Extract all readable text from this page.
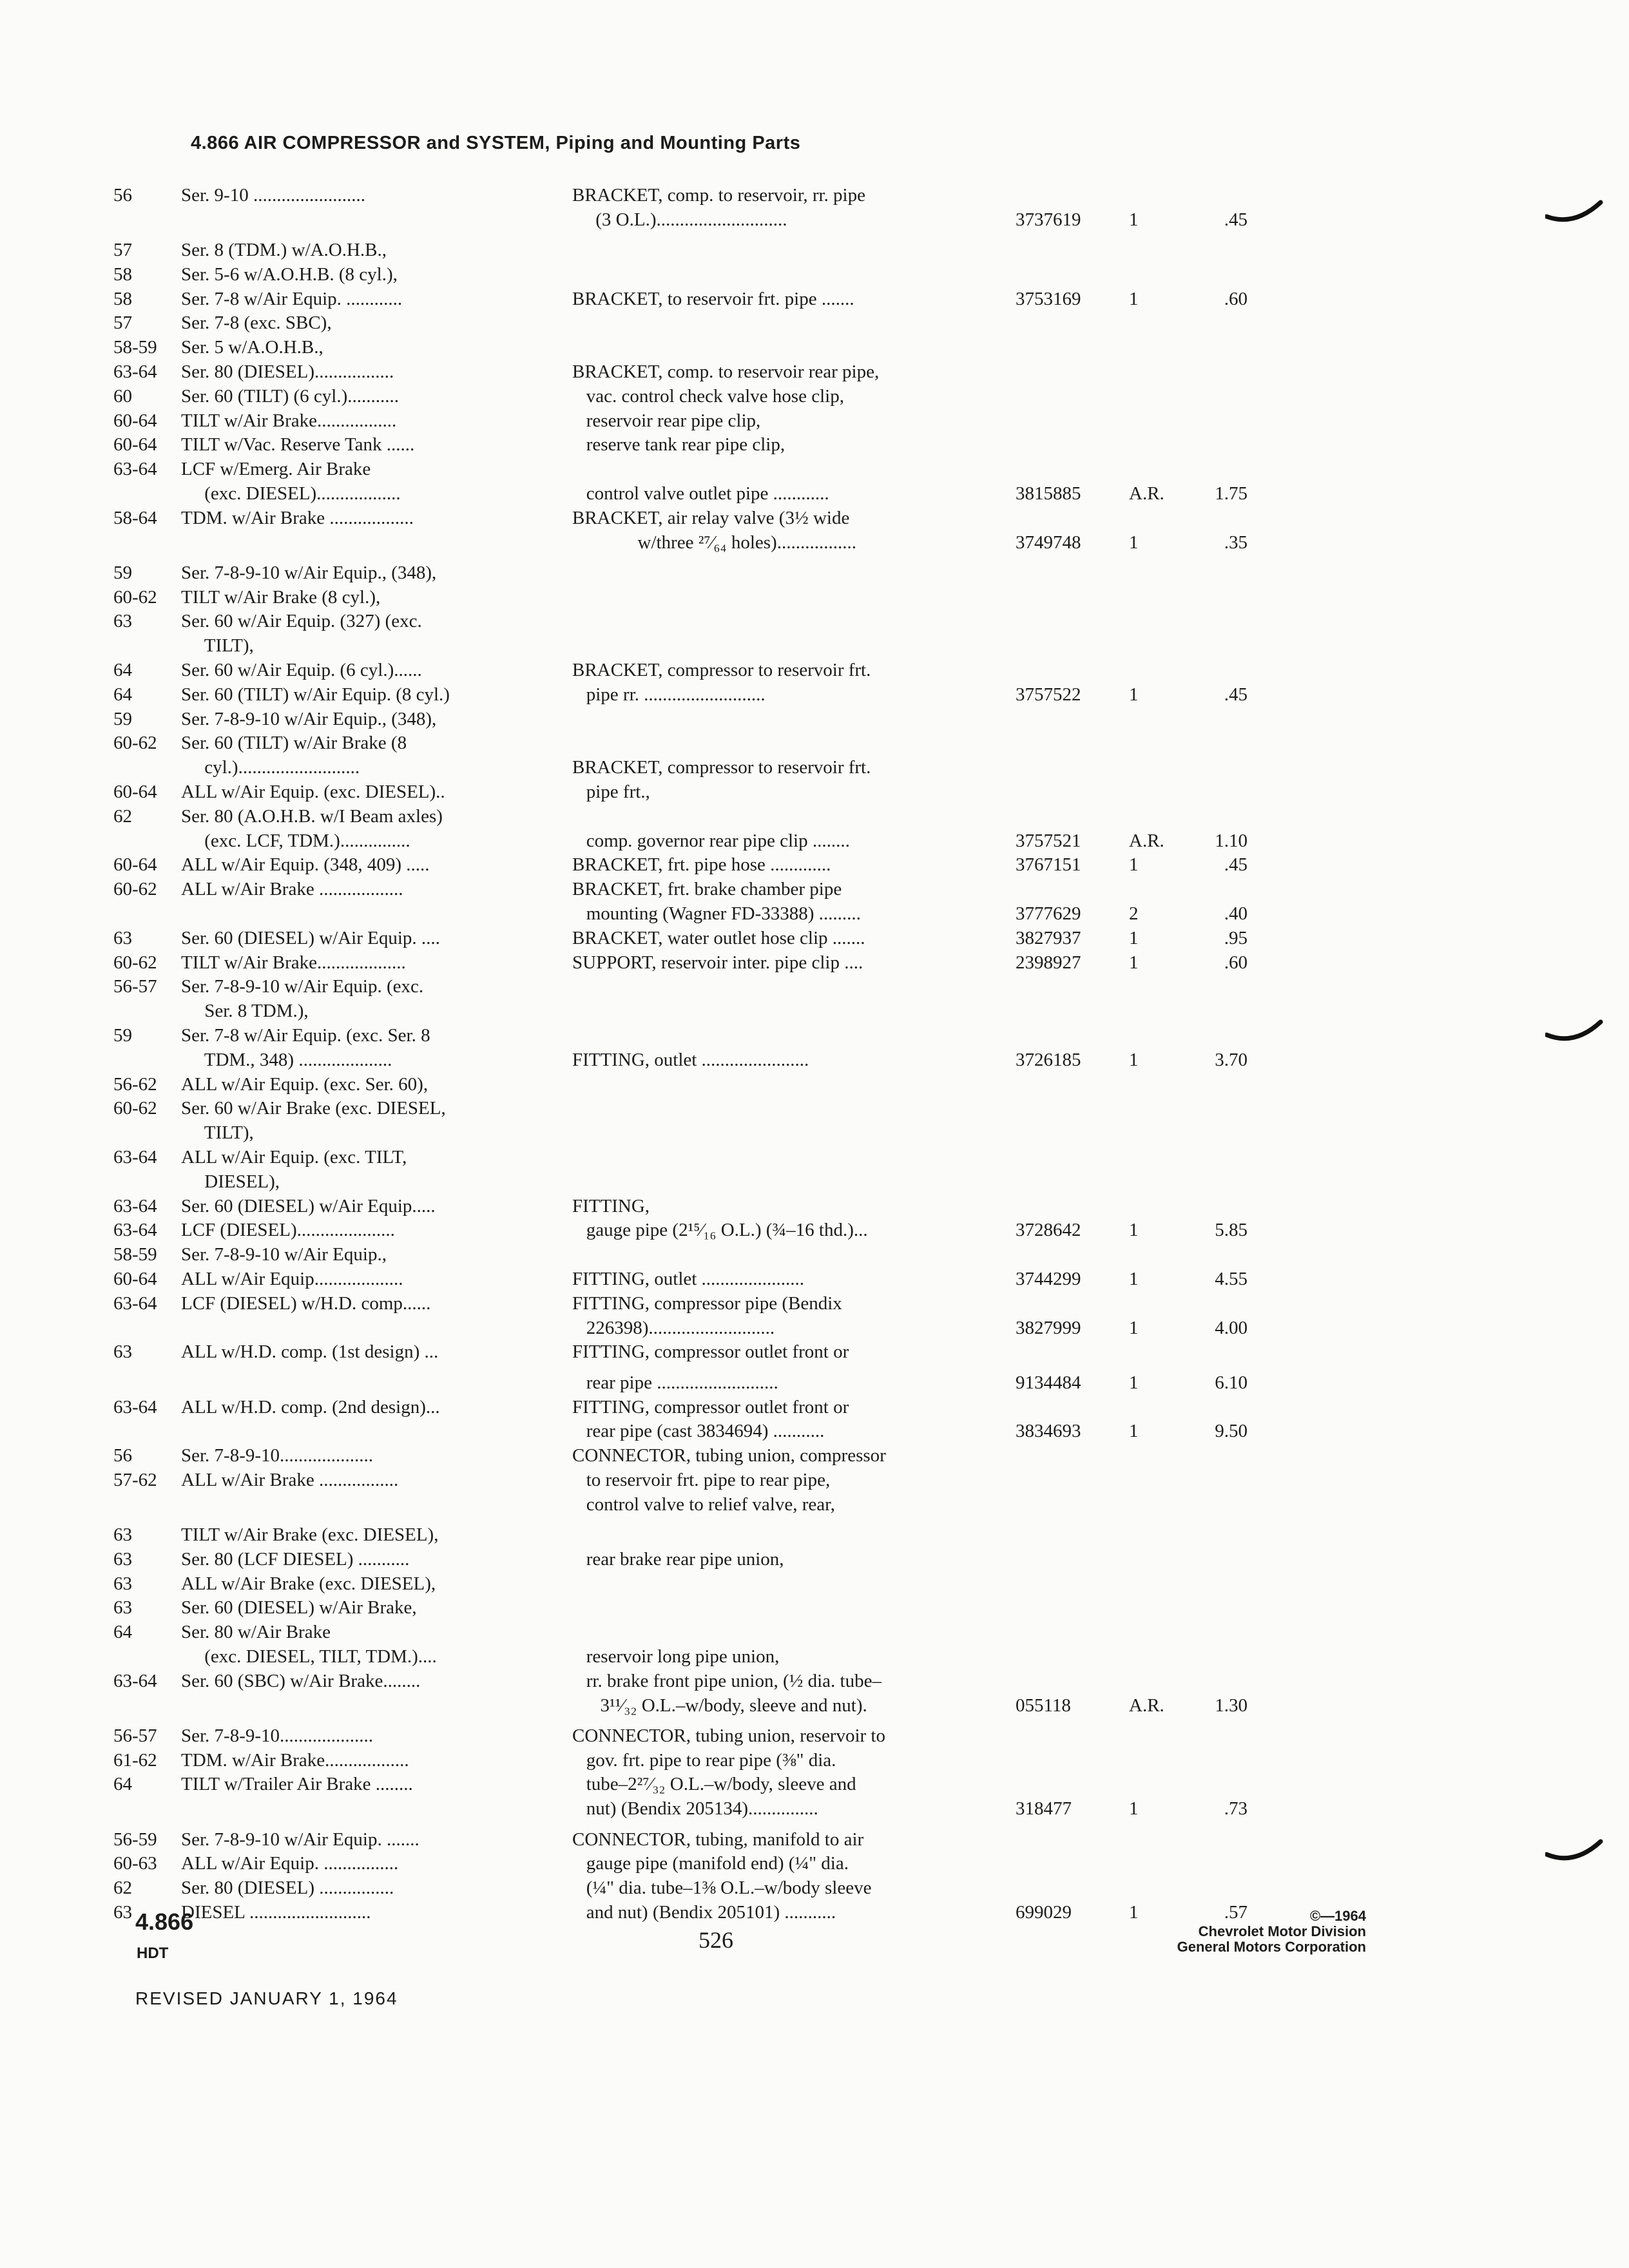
4.866 AIR COMPRESSOR and SYSTEM, Piping and Mounting Parts
56	Ser. 9-10 ........................	BRACKET, comp. to reservoir, rr. pipe
(3 O.L.)............................	3737619	1	.45
57	Ser. 8 (TDM.) w/A.O.H.B.,
58	Ser. 5-6 w/A.O.H.B. (8 cyl.),
58	Ser. 7-8 w/Air Equip. ............	BRACKET, to reservoir frt. pipe .......	3753169	1	.60
57	Ser. 7-8 (exc. SBC),
58-59 Ser. 5 w/A.O.H.B.,
63-64 Ser. 80 (DIESEL).................	BRACKET, comp. to reservoir rear pipe,
60	Ser. 60 (TILT) (6 cyl.)...........	vac. control check valve hose clip,
60-64 TILT w/Air Brake.................	reservoir rear pipe clip,
60-64 TILT w/Vac. Reserve Tank ......	reserve tank rear pipe clip,
63-64 LCF w/Emerg. Air Brake
(exc. DIESEL)..................	control valve outlet pipe ............	3815885	A.R.	1.75
58-64 TDM. w/Air Brake ..................	BRACKET, air relay valve (3½ wide
w/three ²⁷⁄₆₄ holes).................	3749748	1	.35
59	Ser. 7-8-9-10 w/Air Equip., (348),
60-62 TILT w/Air Brake (8 cyl.),
63	Ser. 60 w/Air Equip. (327) (exc.
TILT),
64	Ser. 60 w/Air Equip. (6 cyl.)......	BRACKET, compressor to reservoir frt.
64	Ser. 60 (TILT) w/Air Equip. (8 cyl.)	pipe rr. ..........................	3757522	1	.45
59	Ser. 7-8-9-10 w/Air Equip., (348),
60-62 Ser. 60 (TILT) w/Air Brake (8
cyl.)..........................	BRACKET, compressor to reservoir frt.
60-64 ALL w/Air Equip. (exc. DIESEL)..	pipe frt.,
62	Ser. 80 (A.O.H.B. w/I Beam axles)
(exc. LCF, TDM.)...............	comp. governor rear pipe clip ........	3757521	A.R.	1.10
60-64 ALL w/Air Equip. (348, 409) .....	BRACKET, frt. pipe hose .............	3767151	1	.45
60-62 ALL w/Air Brake ..................	BRACKET, frt. brake chamber pipe
mounting (Wagner FD-33388) .........	3777629	2	.40
63	Ser. 60 (DIESEL) w/Air Equip. ....	BRACKET, water outlet hose clip .......	3827937	1	.95
60-62 TILT w/Air Brake...................	SUPPORT, reservoir inter. pipe clip ....	2398927	1	.60
56-57 Ser. 7-8-9-10 w/Air Equip. (exc.
Ser. 8 TDM.),
59	Ser. 7-8 w/Air Equip. (exc. Ser. 8
TDM., 348) ....................	FITTING, outlet .......................	3726185	1	3.70
56-62 ALL w/Air Equip. (exc. Ser. 60),
60-62 Ser. 60 w/Air Brake (exc. DIESEL,
TILT),
63-64 ALL w/Air Equip. (exc. TILT,
DIESEL),
63-64 Ser. 60 (DIESEL) w/Air Equip.....	FITTING,
63-64 LCF (DIESEL).....................	gauge pipe (2¹⁵⁄₁₆ O.L.) (¾–16 thd.)...	3728642	1	5.85
58-59 Ser. 7-8-9-10 w/Air Equip.,
60-64 ALL w/Air Equip...................	FITTING, outlet ......................	3744299	1	4.55
63-64 LCF (DIESEL) w/H.D. comp......	FITTING, compressor pipe (Bendix
226398)...........................	3827999	1	4.00
63	ALL w/H.D. comp. (1st design) ...	FITTING, compressor outlet front or
rear pipe ..........................	9134484	1	6.10
63-64 ALL w/H.D. comp. (2nd design)...	FITTING, compressor outlet front or
rear pipe (cast 3834694) ...........	3834693	1	9.50
56	Ser. 7-8-9-10....................	CONNECTOR, tubing union, compressor
57-62 ALL w/Air Brake .................	to reservoir frt. pipe to rear pipe,
control valve to relief valve, rear,
63	TILT w/Air Brake (exc. DIESEL),
63	Ser. 80 (LCF DIESEL) ...........	rear brake rear pipe union,
63	ALL w/Air Brake (exc. DIESEL),
63	Ser. 60 (DIESEL) w/Air Brake,
64	Ser. 80 w/Air Brake
(exc. DIESEL, TILT, TDM.)....	reservoir long pipe union,
63-64 Ser. 60 (SBC) w/Air Brake........	rr. brake front pipe union, (½ dia. tube–
3¹¹⁄₃₂ O.L.–w/body, sleeve and nut).	055118	A.R.	1.30
56-57 Ser. 7-8-9-10....................	CONNECTOR, tubing union, reservoir to
61-62 TDM. w/Air Brake..................	gov. frt. pipe to rear pipe (⅜" dia.
64	TILT w/Trailer Air Brake ........	tube–2²⁷⁄₃₂ O.L.–w/body, sleeve and
nut) (Bendix 205134)...............	318477	1	.73
56-59 Ser. 7-8-9-10 w/Air Equip. .......	CONNECTOR, tubing, manifold to air
60-63 ALL w/Air Equip. ................	gauge pipe (manifold end) (¼" dia.
62	Ser. 80 (DIESEL) ................	(¼" dia. tube–1⅜ O.L.–w/body sleeve
63	DIESEL ..........................	and nut) (Bendix 205101) ...........	699029	1	.57
4.866
HDT
526
REVISED JANUARY 1, 1964
©—1964
Chevrolet Motor Division
General Motors Corporation
